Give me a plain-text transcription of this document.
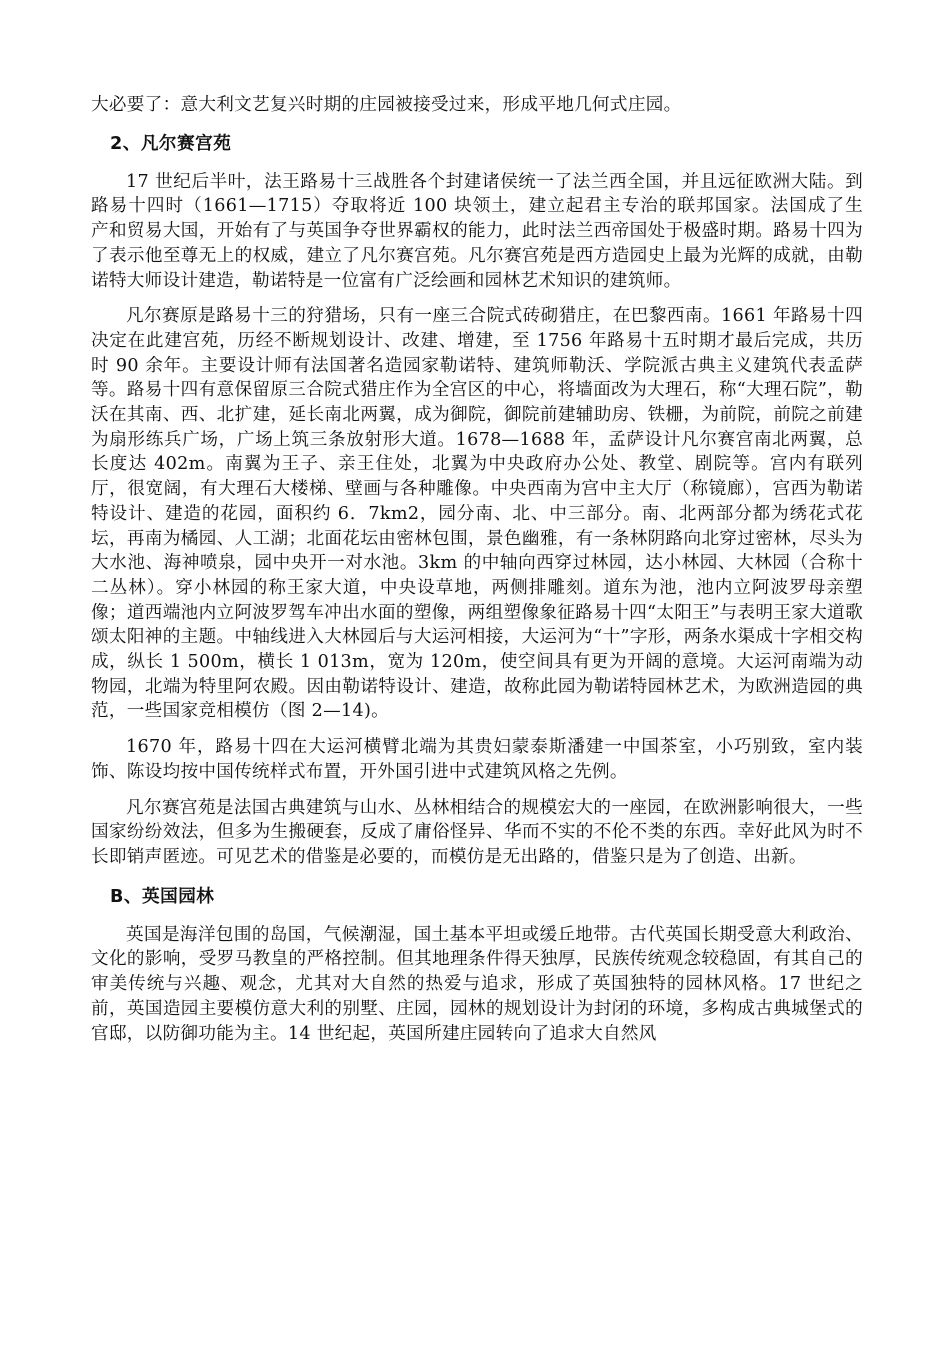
大必要了：意大利文艺复兴时期的庄园被接受过来，形成平地几何式庄园。

2、凡尔赛宫苑

17 世纪后半叶，法王路易十三战胜各个封建诸侯统一了法兰西全国，并且远征欧洲大陆。到路易十四时（1661—1715）夺取将近 100 块领土，建立起君主专治的联邦国家。法国成了生　产和贸易大国，开始有了与英国争夺世界霸权的能力，此时法兰西帝国处于极盛时期。路易十四为了表示他至尊无上的权威，建立了凡尔赛宫苑。凡尔赛宫苑是西方造园史上最为光辉的成就，由勒诺特大师设计建造，勒诺特是一位富有广泛绘画和园林艺术知识的建筑师。

凡尔赛原是路易十三的狩猎场，只有一座三合院式砖砌猎庄，在巴黎西南。1661 年路易十四决定在此建宫苑，历经不断规划设计、改建、增建，至 1756 年路易十五时期才最后完成，共历时 90 余年。主要设计师有法国著名造园家勒诺特、建筑师勒沃、学院派古典主义建筑代表孟萨等。路易十四有意保留原三合院式猎庄作为全宫区的中心，将墙面改为大理石，称“大理石院”，勒沃在其南、西、北扩建，延长南北两翼，成为御院，御院前建辅助房、铁栅，为前院，前院之前建为扇形练兵广场，广场上筑三条放射形大道。1678—1688 年，孟萨设计凡尔赛宫南北两翼，总长度达 402m。南翼为王子、亲王住处，北翼为中央政府办公处、教堂、剧院等。宫内有联列厅，很宽阔，有大理石大楼梯、壁画与各种雕像。中央西南为宫中主大厅（称镜廊），宫西为勒诺特设计、建造的花园，面积约 6．7km2，园分南、北、中三部分。南、北两部分都为绣花式花坛，再南为橘园、人工湖；北面花坛由密林包围，景色幽雅，有一条林阴路向北穿过密林，尽头为大水池、海神喷泉，园中央开一对水池。3km 的中轴向西穿过林园，达小林园、大林园（合称十二丛林）。穿小林园的称王家大道，中央设草地，两侧排雕刻。道东为池，池内立阿波罗母亲塑像；道西端池内立阿波罗驾车冲出水面的塑像，两组塑像象征路易十四“太阳王”与表明王家大道歌颂太阳神的主题。中轴线进入大林园后与大运河相接，大运河为“十”字形，两条水渠成十字相交构成，纵长 1 500m，横长 1 013m，宽为 120m，使空间具有更为开阔的意境。大运河南端为动物园，北端为特里阿农殿。因由勒诺特设计、建造，故称此园为勒诺特园林艺术，为欧洲造园的典范，一些国家竞相模仿（图 2—14)。

1670 年，路易十四在大运河横臂北端为其贵妇蒙泰斯潘建一中国茶室，小巧别致，室内装饰、陈设均按中国传统样式布置，开外国引进中式建筑风格之先例。

凡尔赛宫苑是法国古典建筑与山水、丛林相结合的规模宏大的一座园，在欧洲影响很大，一些国家纷纷效法，但多为生搬硬套，反成了庸俗怪异、华而不实的不伦不类的东西。幸好此风为时不长即销声匿迹。可见艺术的借鉴是必要的，而模仿是无出路的，借鉴只是为了创造、出新。

B、英国园林

英国是海洋包围的岛国，气候潮湿，国土基本平坦或缓丘地带。古代英国长期受意大利政治、文化的影响，受罗马教皇的严格控制。但其地理条件得天独厚，民族传统观念较稳固，有其自己的审美传统与兴趣、观念，尤其对大自然的热爱与追求，形成了英国独特的园林风格。17 世纪之前，英国造园主要模仿意大利的别墅、庄园，园林的规划设计为封闭的环境，多构成古典城堡式的官邸，以防御功能为主。14 世纪起，英国所建庄园转向了追求大自然风
